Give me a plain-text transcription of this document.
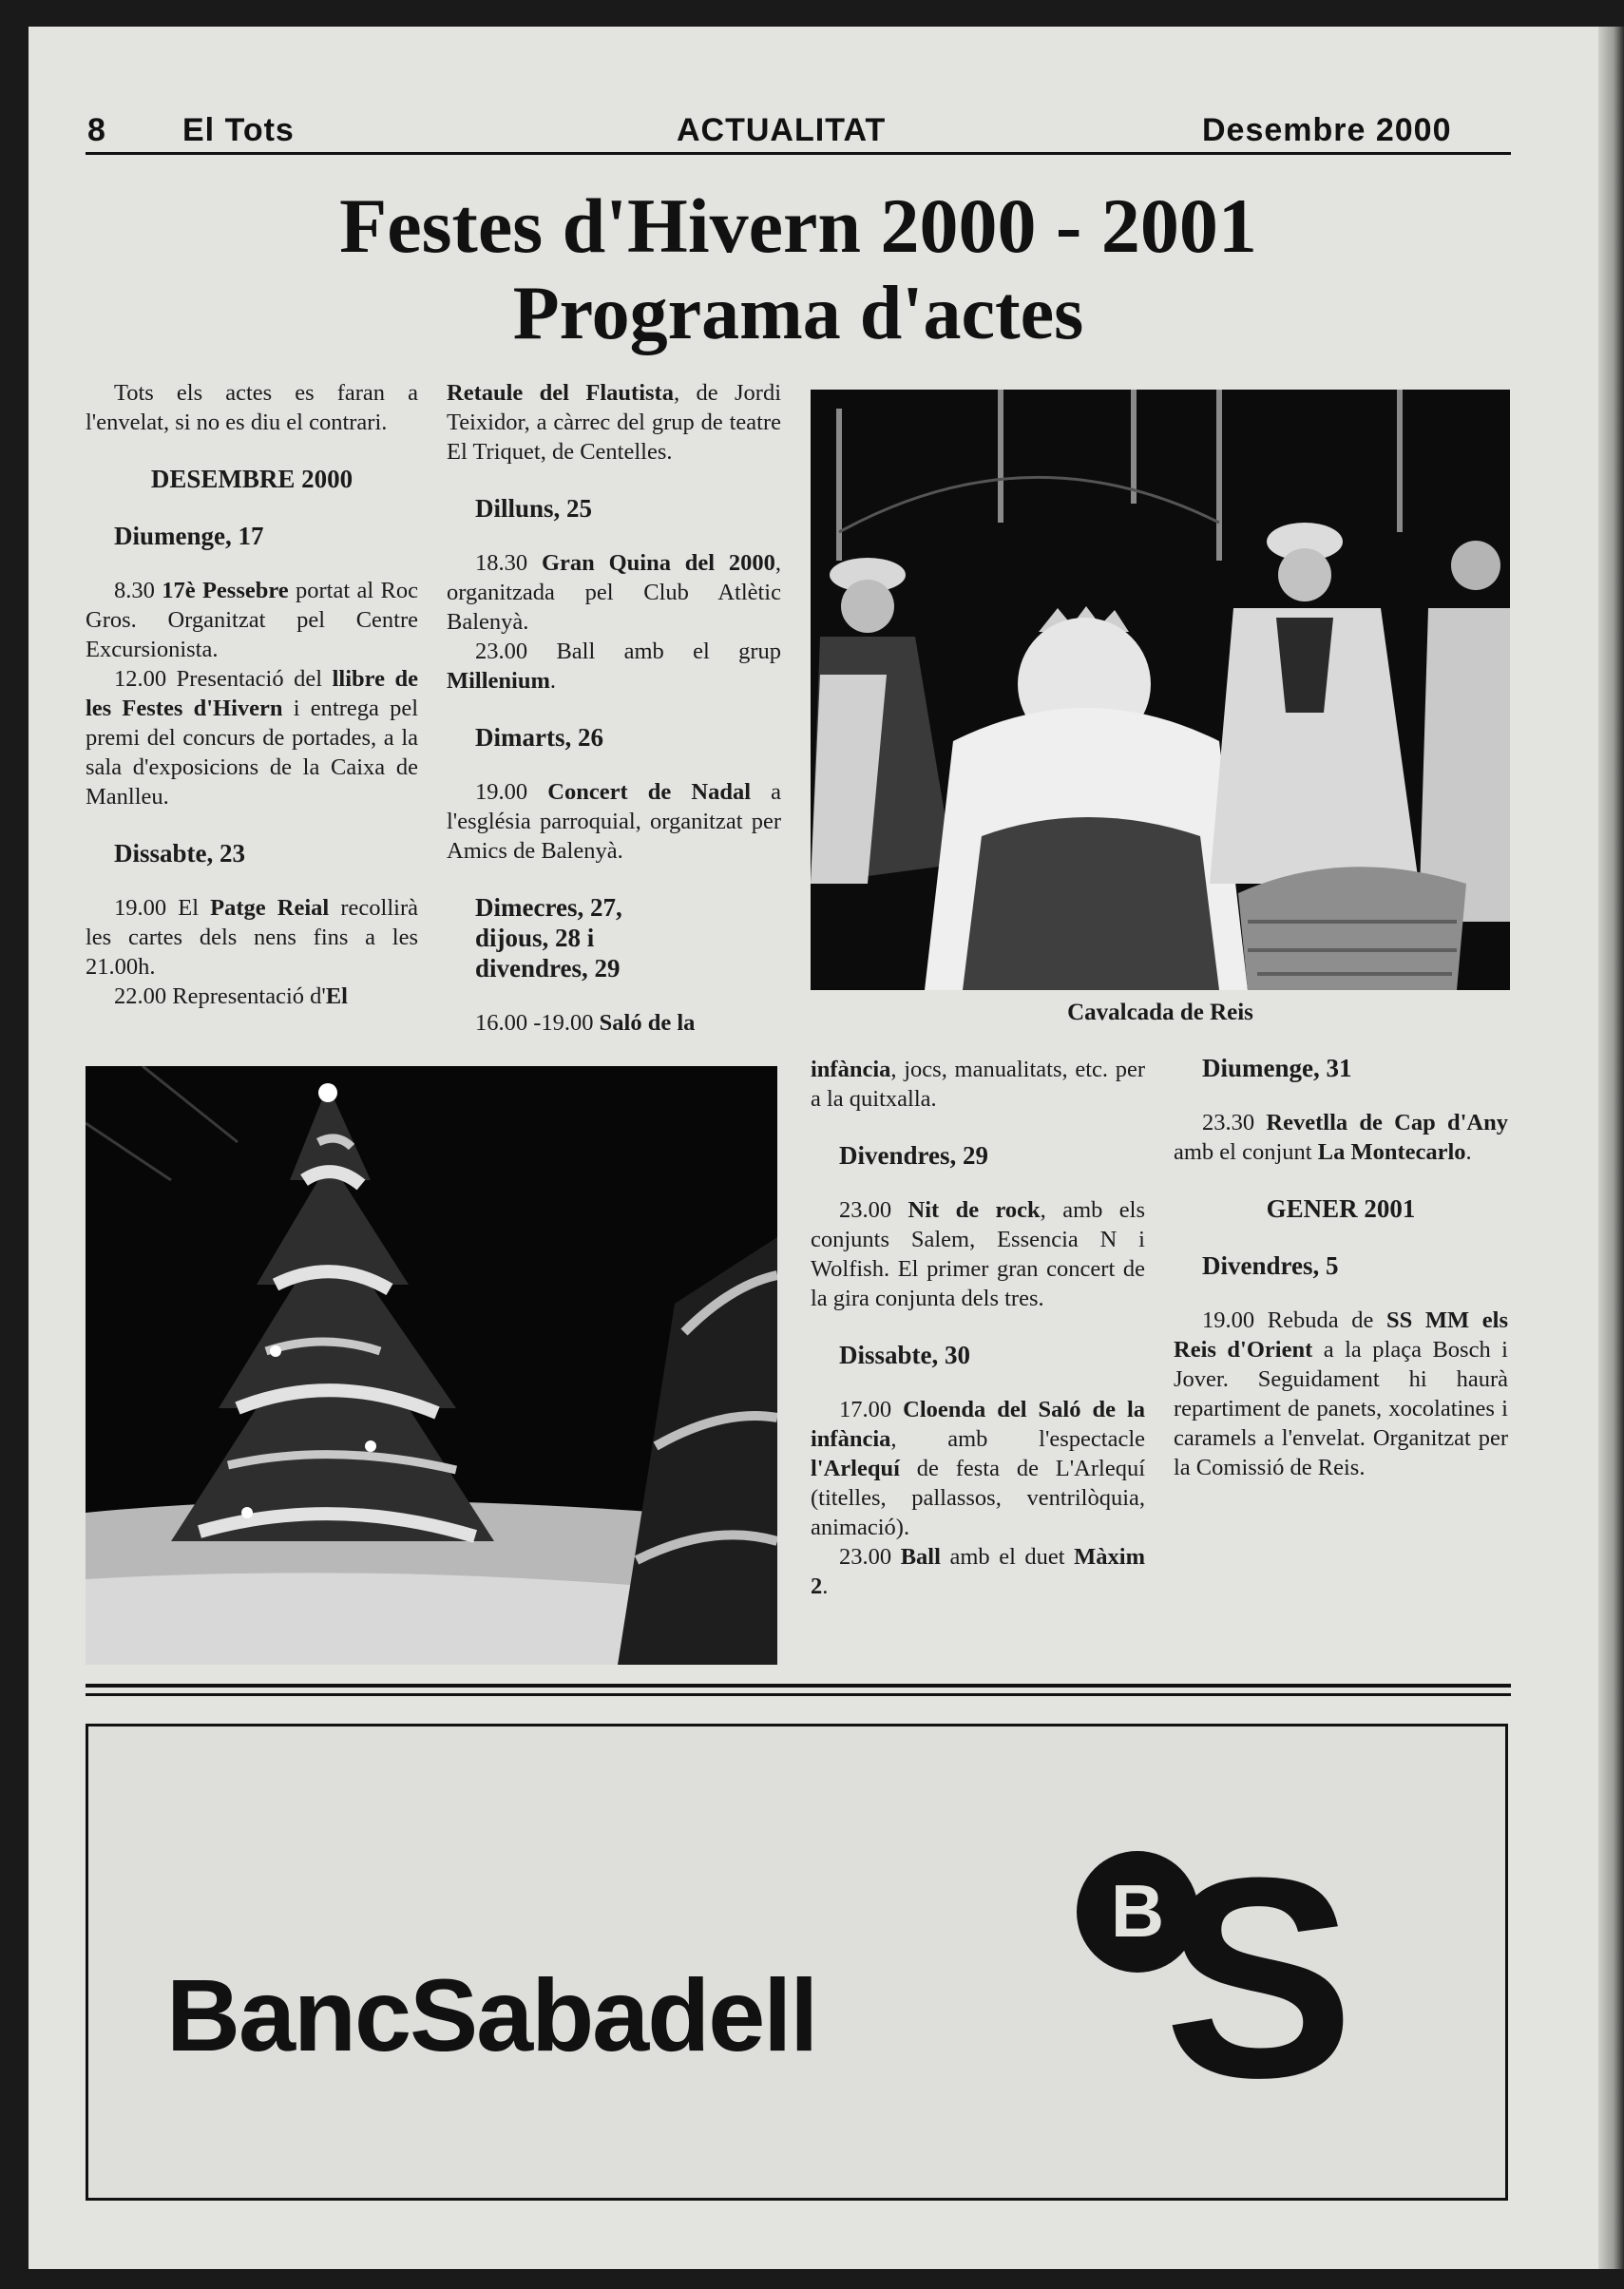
8 El Tots	ACTUALITAT	Desembre 2000
Festes d'Hivern 2000 - 2001
Programa d'actes

Tots els actes es faran a l'envelat, si no es diu el contrari.

DESEMBRE 2000
Diumenge, 17

8.30 17è Pessebre portat al Roc Gros. Organitzat pel Centre Excursionista.

12.00 Presentació del llibre de les Festes d'Hivern i entrega pel premi del concurs de portades, a la sala d'exposicions de la Caixa de Manlleu.

Dissabte, 23

19.00 El Patge Reial recollirà les cartes dels nens fins a les 21.00h.

22.00 Representació d'El

Retaule del Flautista, de Jordi Teixidor, a càrrec del grup de teatre El Triquet, de Centelles.

Dilluns, 25

18.30 Gran Quina del 2000, organitzada pel Club Atlètic Balenyà.

23.00 Ball amb el grup Millenium.

Dimarts, 26

19.00 Concert de Nadal a l'església parroquial, organitzat per Amics de Balenyà.

Dimecres, 27, dijous, 28 i divendres, 29

16.00 -19.00 Saló de la	Cavalcada de Reis

infància, jocs, manualitats, etc. per a la quitxalla.

Divendres, 29

23.00 Nit de rock, amb els conjunts Salem, Essencia N i Wolfish. El primer gran concert de la gira conjunta dels tres.

Dissabte, 30

17.00 Cloenda del Saló de la infància, amb l'espectacle l'Arlequí de festa de L'Arlequí (titelles, pallassos, ventrilòquia, animació).

23.00 Ball amb el duet Màxim 2.

Diumenge, 31

23.30 Revetlla de Cap d'Any amb el conjunt La Montecarlo.

GENER 2001
Divendres, 5

19.00 Rebuda de SS MM els Reis d'Orient a la plaça Bosch i Jover. Seguidament hi haurà repartiment de panets, xocolatines i caramels a l'envelat. Organitzat per la Comissió de Reis.

BancSabadell
B S
